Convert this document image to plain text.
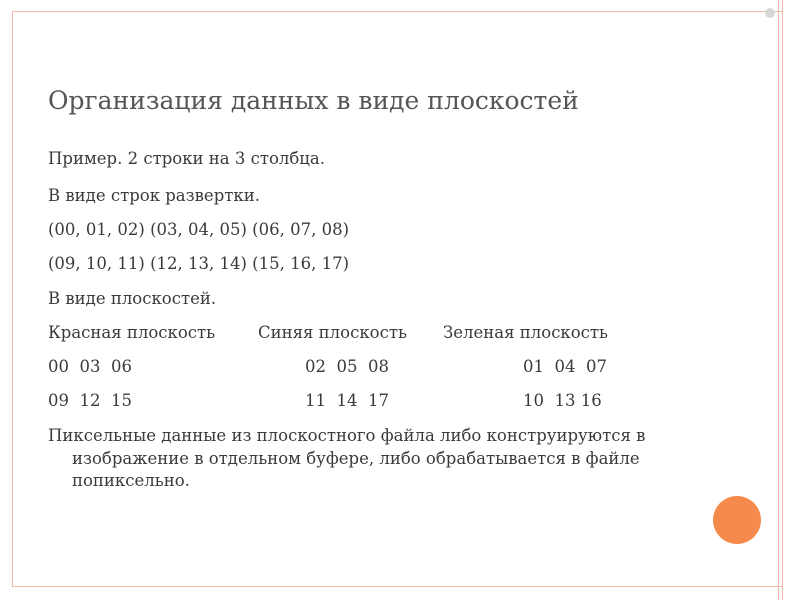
Организация данных в виде плоскостей
Пример. 2 строки на 3 столбца.
В виде строк развертки.
(00, 01, 02) (03, 04, 05) (06, 07, 08)
(09, 10, 11) (12, 13, 14) (15, 16, 17)
В виде плоскостей.
Красная плоскость	Синяя плоскость Зеленая плоскость
00  03  06	02  05  08	01  04  07
09  12  15	11  14  17	10  13 16
Пиксельные данные из плоскостного файла либо конструируются в изображение в отдельном буфере, либо обрабатывается в файле попиксельно.
